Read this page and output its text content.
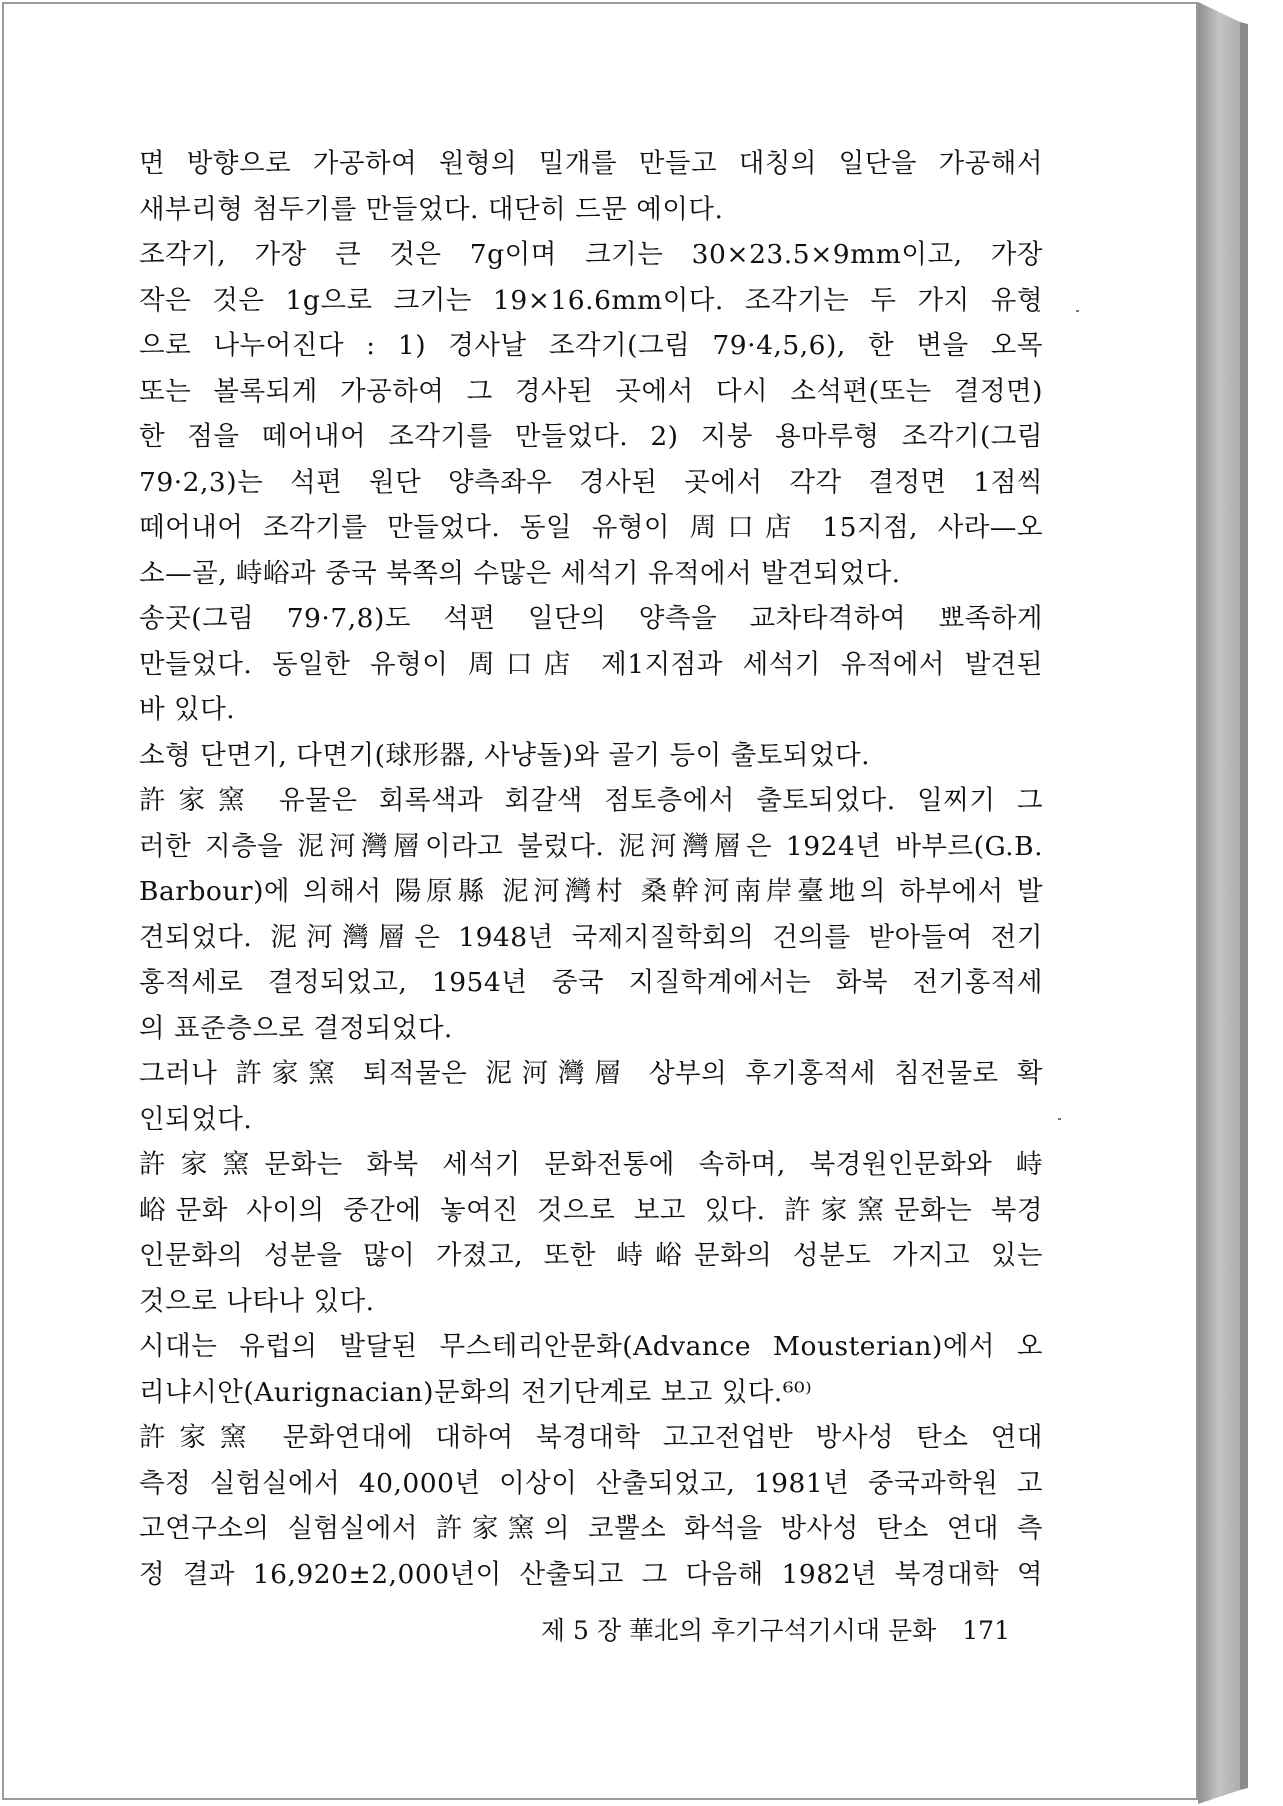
면 방향으로 가공하여 원형의 밀개를 만들고 대칭의 일단을 가공해서
새부리형 첨두기를 만들었다. 대단히 드문 예이다.
조각기, 가장 큰 것은 7g이며 크기는 30×23.5×9mm이고, 가장
작은 것은 1g으로 크기는 19×16.6mm이다. 조각기는 두 가지 유형
으로 나누어진다 : 1) 경사날 조각기(그림 79·4,5,6), 한 변을 오목
또는 볼록되게 가공하여 그 경사된 곳에서 다시 소석편(또는 결정면)
한 점을 떼어내어 조각기를 만들었다. 2) 지붕 용마루형 조각기(그림
79·2,3)는 석편 원단 양측좌우 경사된 곳에서 각각 결정면 1점씩
떼어내어 조각기를 만들었다. 동일 유형이 周口店 15지점, 사라—오
소—골, 峙峪과 중국 북쪽의 수많은 세석기 유적에서 발견되었다.
송곳(그림 79·7,8)도 석편 일단의 양측을 교차타격하여 뾰족하게
만들었다. 동일한 유형이 周口店 제1지점과 세석기 유적에서 발견된
바 있다.
소형 단면기, 다면기(球形器, 사냥돌)와 골기 등이 출토되었다.
許家窯 유물은 회록색과 회갈색 점토층에서 출토되었다. 일찌기 그
러한 지층을 泥河灣層이라고 불렀다. 泥河灣層은 1924년 바부르(G.B.
Barbour)에 의해서 陽原縣 泥河灣村 桑幹河南岸臺地의 하부에서 발
견되었다. 泥河灣層은 1948년 국제지질학회의 건의를 받아들여 전기
홍적세로 결정되었고, 1954년 중국 지질학계에서는 화북 전기홍적세
의 표준층으로 결정되었다.
그러나 許家窯 퇴적물은 泥河灣層 상부의 후기홍적세 침전물로 확
인되었다.
許家窯문화는 화북 세석기 문화전통에 속하며, 북경원인문화와 峙
峪문화 사이의 중간에 놓여진 것으로 보고 있다. 許家窯문화는 북경
인문화의 성분을 많이 가졌고, 또한 峙峪문화의 성분도 가지고 있는
것으로 나타나 있다.
시대는 유럽의 발달된 무스테리안문화(Advance Mousterian)에서 오
리냐시안(Aurignacian)문화의 전기단계로 보고 있다.⁶⁰⁾
許家窯 문화연대에 대하여 북경대학 고고전업반 방사성 탄소 연대
측정 실험실에서 40,000년 이상이 산출되었고, 1981년 중국과학원 고
고연구소의 실험실에서 許家窯의 코뿔소 화석을 방사성 탄소 연대 측
정 결과 16,920±2,000년이 산출되고 그 다음해 1982년 북경대학 역
제 5 장 華北의 후기구석기시대 문화 171
